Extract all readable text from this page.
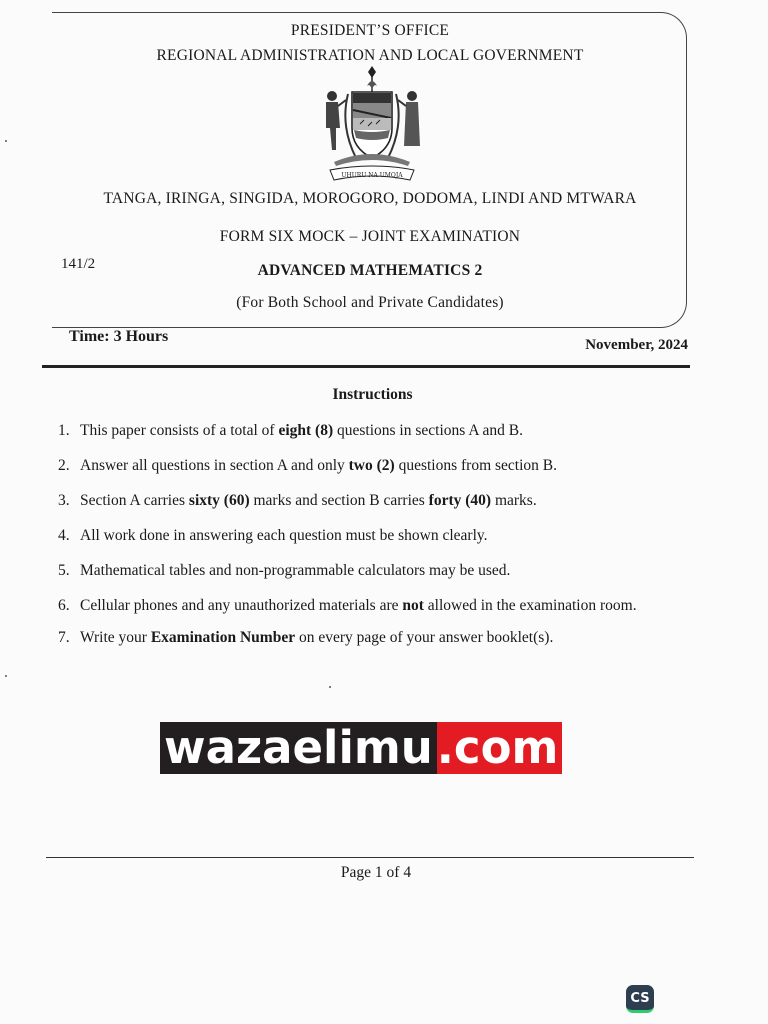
PRESIDENT’S OFFICE
REGIONAL ADMINISTRATION AND LOCAL GOVERNMENT
UHURU NA UMOJA
TANGA, IRINGA, SINGIDA, MOROGORO, DODOMA, LINDI AND MTWARA
FORM SIX MOCK – JOINT EXAMINATION
141/2	ADVANCED MATHEMATICS 2
(For Both School and Private Candidates)
Time: 3 Hours	November, 2024
Instructions
1. This paper consists of a total of eight (8) questions in sections A and B.
2. Answer all questions in section A and only two (2) questions from section B.
3. Section A carries sixty (60) marks and section B carries forty (40) marks.
4. All work done in answering each question must be shown clearly.
5. Mathematical tables and non-programmable calculators may be used.
6. Cellular phones and any unauthorized materials are not allowed in the examination room.
7. Write your Examination Number on every page of your answer booklet(s).
wazaelimu .com
Page 1 of 4
CS
